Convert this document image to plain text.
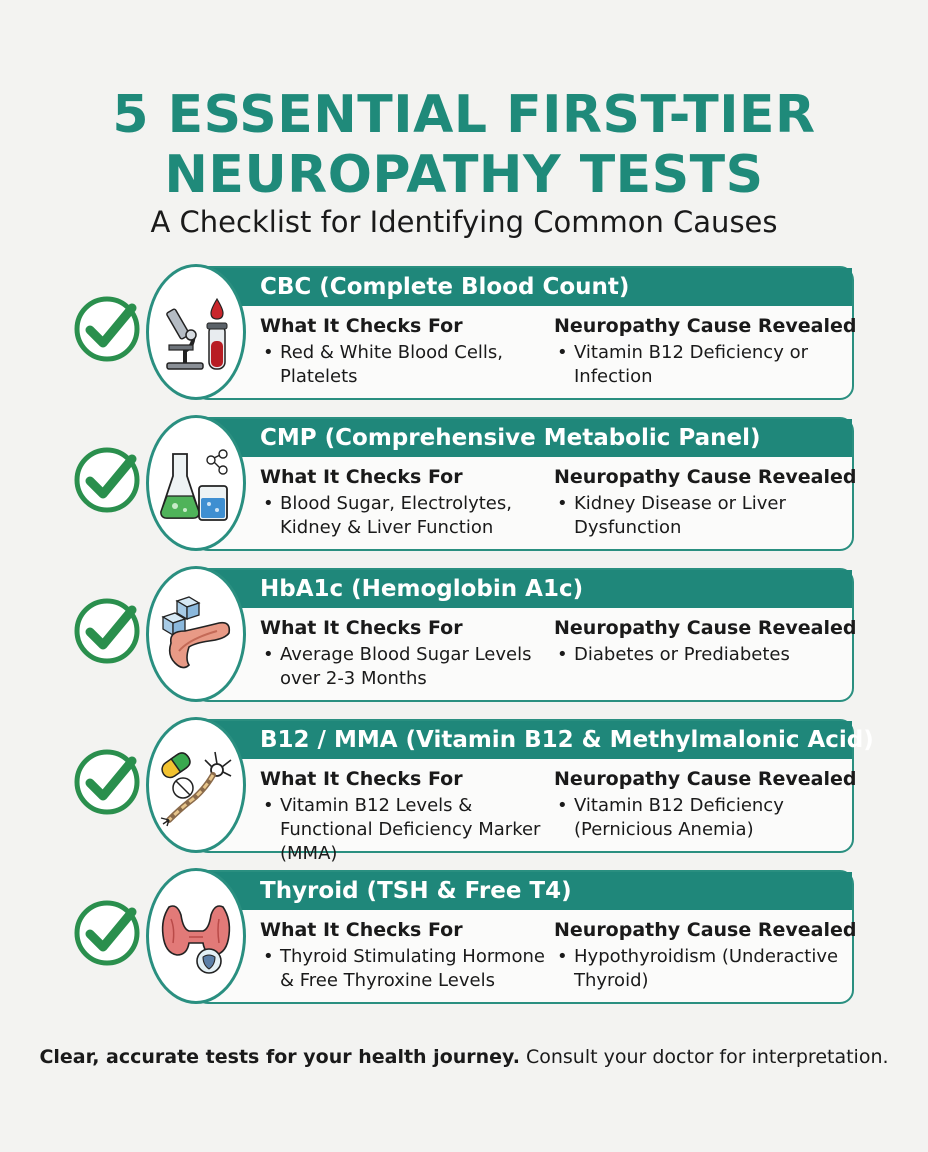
5 ESSENTIAL FIRST-TIER
NEUROPATHY TESTS
A Checklist for Identifying Common Causes
CBC (Complete Blood Count)
What It Checks For
• Red & White Blood Cells, Platelets
Neuropathy Cause Revealed
• Vitamin B12 Deficiency or Infection
CMP (Comprehensive Metabolic Panel)
What It Checks For
• Blood Sugar, Electrolytes, Kidney & Liver Function
Neuropathy Cause Revealed
• Kidney Disease or Liver Dysfunction
HbA1c (Hemoglobin A1c)
What It Checks For
• Average Blood Sugar Levels over 2-3 Months
Neuropathy Cause Revealed
• Diabetes or Prediabetes
B12 / MMA (Vitamin B12 & Methylmalonic Acid)
What It Checks For
• Vitamin B12 Levels & Functional Deficiency Marker (MMA)
Neuropathy Cause Revealed
• Vitamin B12 Deficiency (Pernicious Anemia)
Thyroid (TSH & Free T4)
What It Checks For
• Thyroid Stimulating Hormone & Free Thyroxine Levels
Neuropathy Cause Revealed
• Hypothyroidism (Underactive Thyroid)
Clear, accurate tests for your health journey. Consult your doctor for interpretation.
